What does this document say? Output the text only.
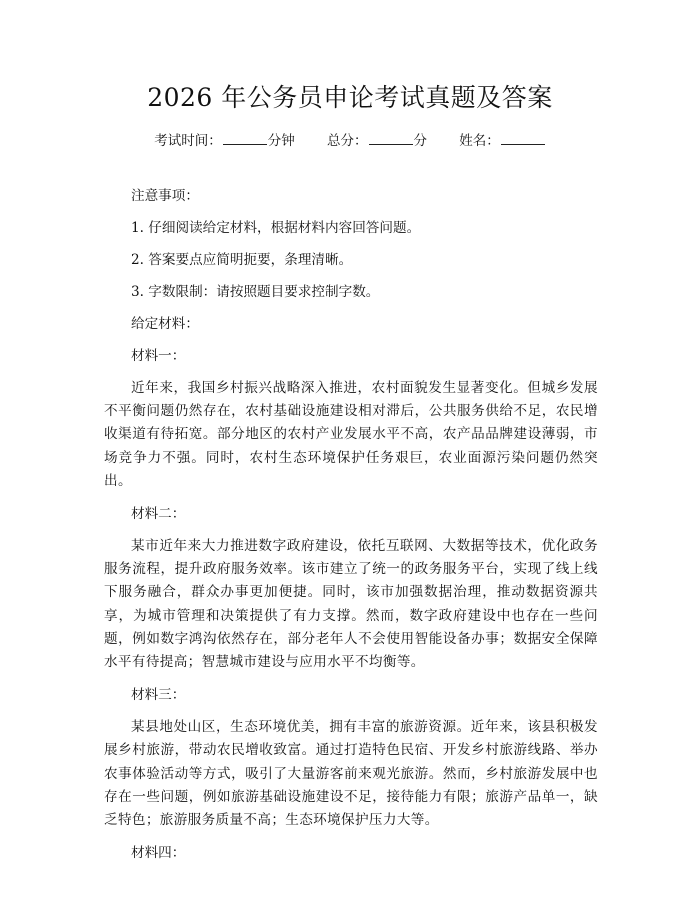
2026 年公务员申论考试真题及答案
考试时间：	分钟 总分：	分 姓名：
注意事项：
1. 仔细阅读给定材料，根据材料内容回答问题。
2. 答案要点应简明扼要，条理清晰。
3. 字数限制：请按照题目要求控制字数。
给定材料：
材料一：

近年来，我国乡村振兴战略深入推进，农村面貌发生显著变化。但城乡发展不平衡问题仍然存在，农村基础设施建设相对滞后，公共服务供给不足，农民增收渠道有待拓宽。部分地区的农村产业发展水平不高，农产品品牌建设薄弱，市场竞争力不强。同时，农村生态环境保护任务艰巨，农业面源污染问题仍然突出。

材料二：

某市近年来大力推进数字政府建设，依托互联网、大数据等技术，优化政务服务流程，提升政府服务效率。该市建立了统一的政务服务平台，实现了线上线下服务融合，群众办事更加便捷。同时，该市加强数据治理，推动数据资源共享，为城市管理和决策提供了有力支撑。然而，数字政府建设中也存在一些问题，例如数字鸿沟依然存在，部分老年人不会使用智能设备办事；数据安全保障水平有待提高；智慧城市建设与应用水平不均衡等。

材料三：

某县地处山区，生态环境优美，拥有丰富的旅游资源。近年来，该县积极发展乡村旅游，带动农民增收致富。通过打造特色民宿、开发乡村旅游线路、举办农事体验活动等方式，吸引了大量游客前来观光旅游。然而，乡村旅游发展中也存在一些问题，例如旅游基础设施建设不足，接待能力有限；旅游产品单一，缺乏特色；旅游服务质量不高；生态环境保护压力大等。

材料四：
